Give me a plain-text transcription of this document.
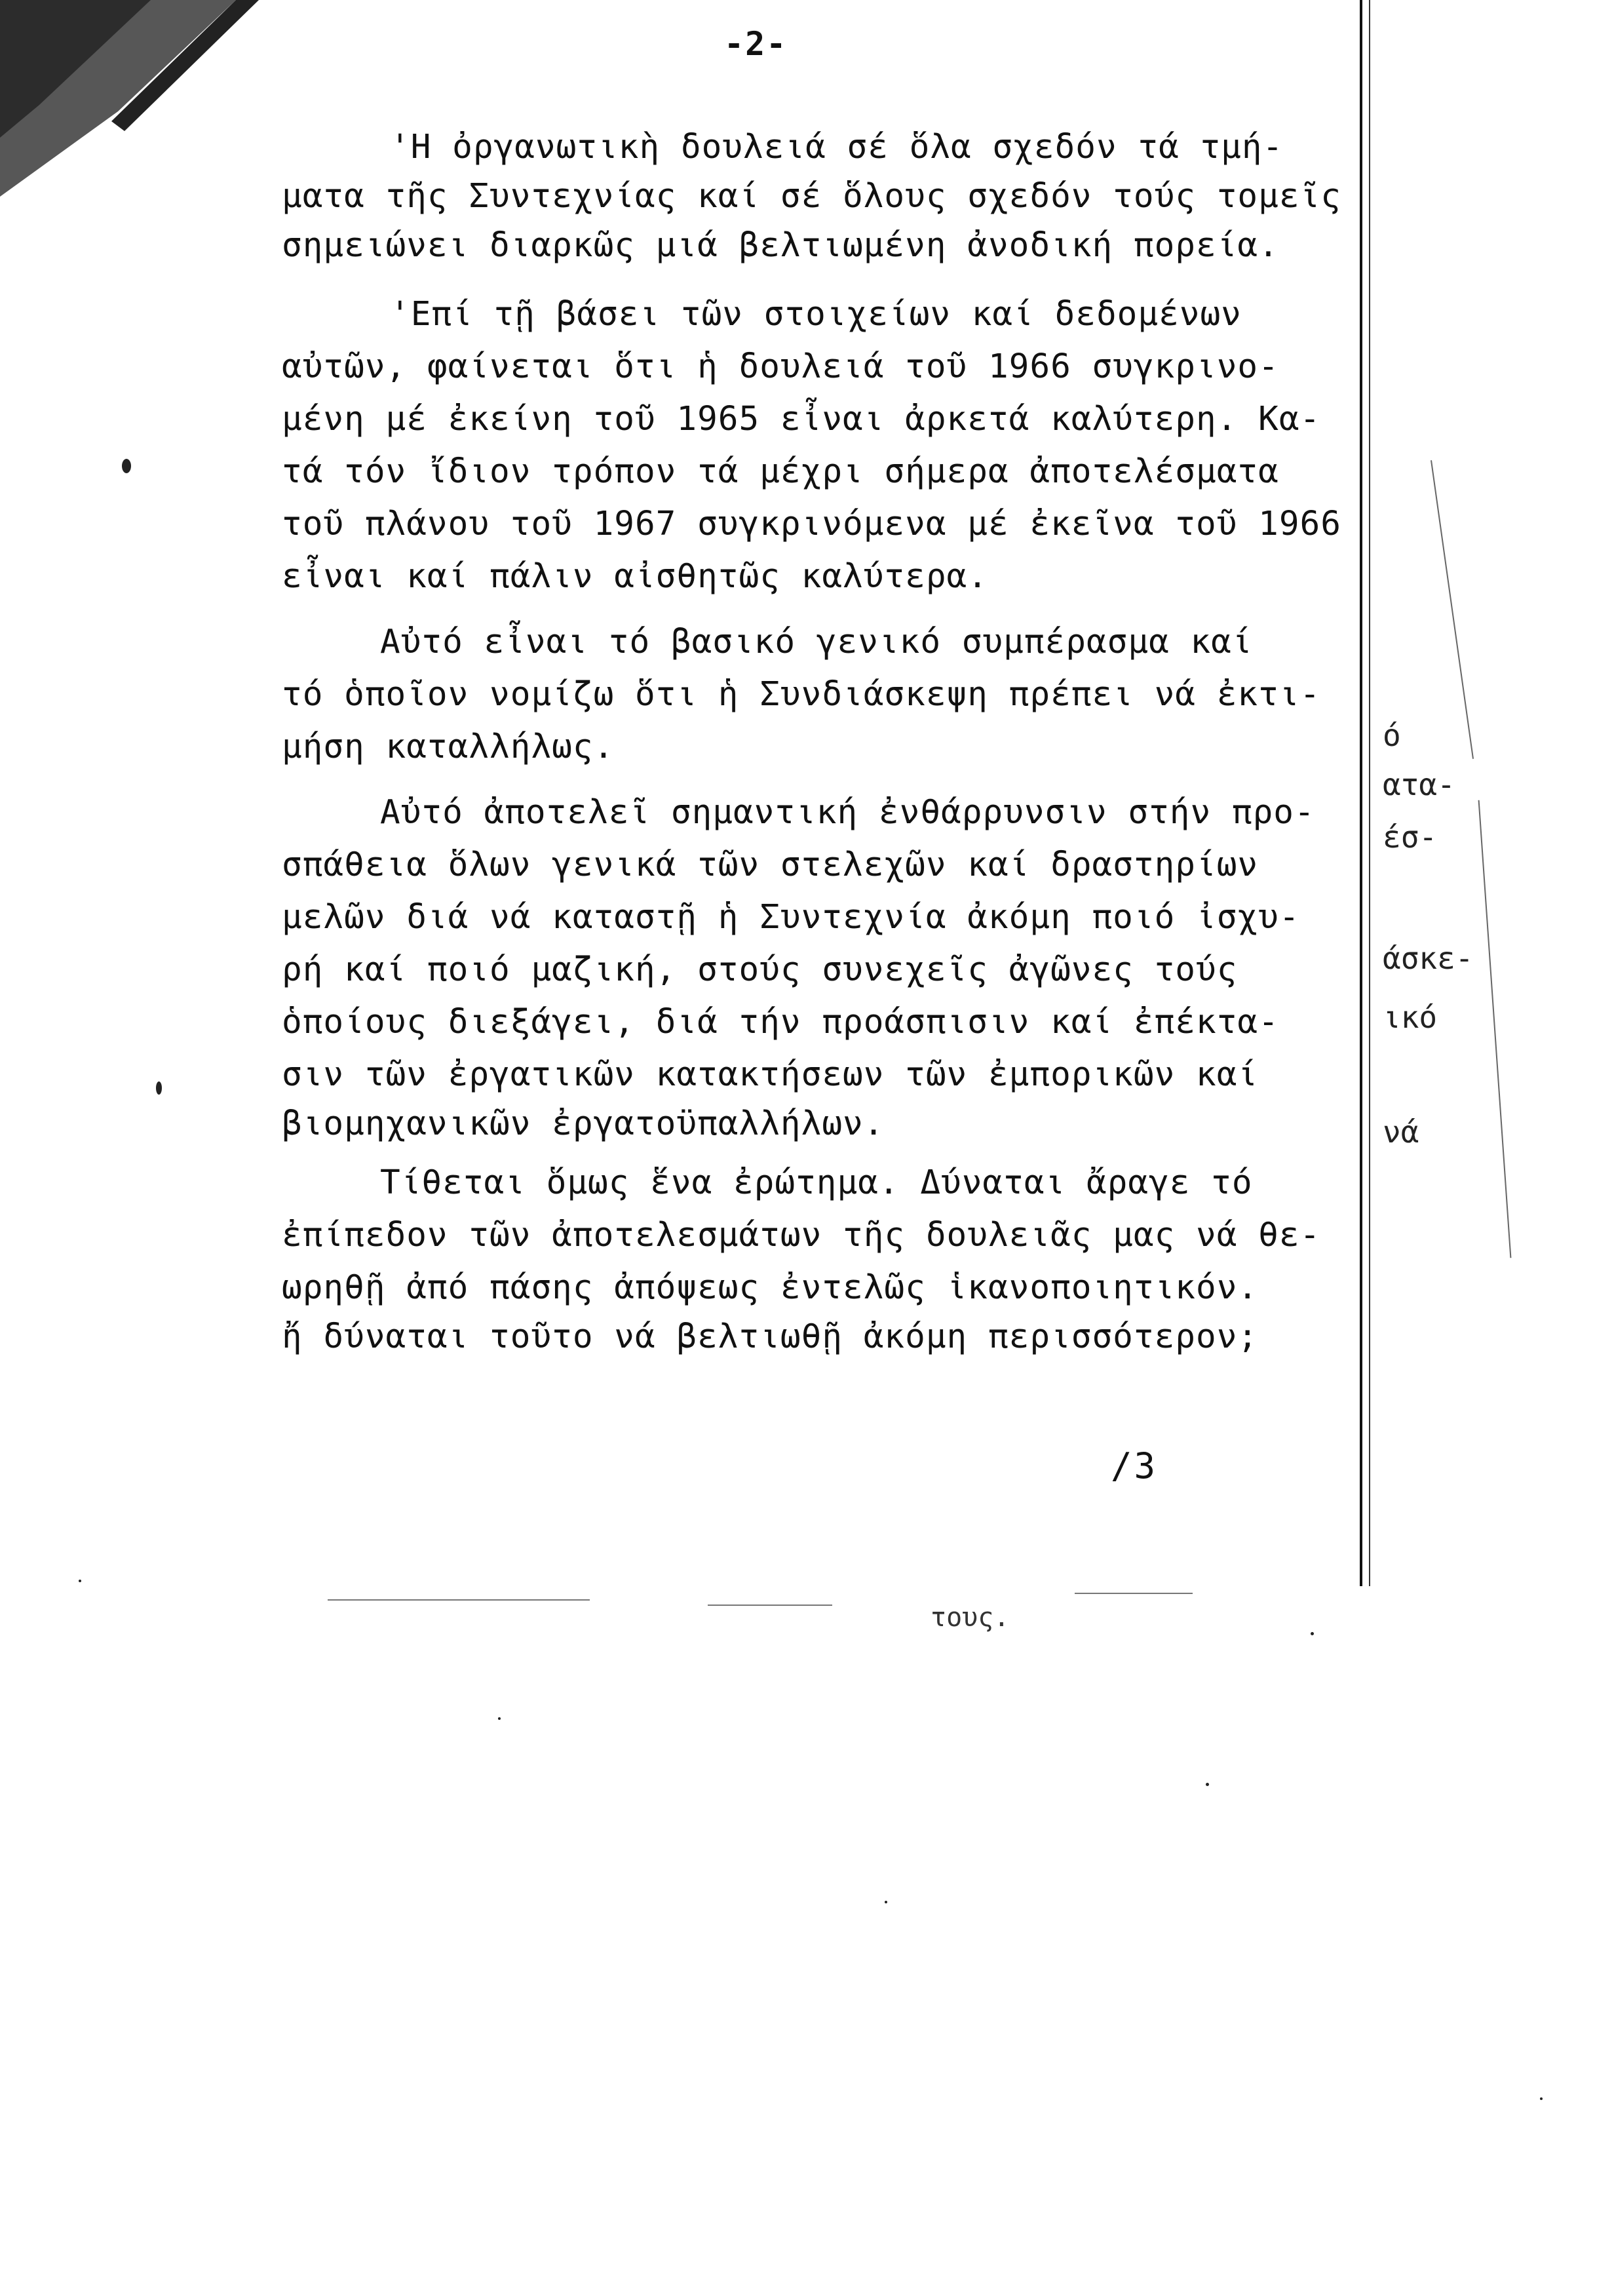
-2-
'Η ὀργανωτικὴ δουλειά σέ ὅλα σχεδόν τά τμή-
ματα τῆς Συντεχνίας καί σέ ὅλους σχεδόν τούς τομεῖς
σημειώνει διαρκῶς μιά βελτιωμένη ἀνοδική πορεία.
'Επί τῇ βάσει τῶν στοιχείων καί δεδομένων
αὐτῶν, φαίνεται ὅτι ἡ δουλειά τοῦ 1966 συγκρινο-
μένη μέ ἐκείνη τοῦ 1965 εἶναι ἀρκετά καλύτερη. Κα-
τά τόν ἴδιον τρόπον τά μέχρι σήμερα ἀποτελέσματα
τοῦ πλάνου τοῦ 1967 συγκρινόμενα μέ ἐκεῖνα τοῦ 1966
εἶναι καί πάλιν αἰσθητῶς καλύτερα.
Αὐτό εἶναι τό βασικό γενικό συμπέρασμα καί
τό ὁποῖον νομίζω ὅτι ἡ Συνδιάσκεψη πρέπει νά ἐκτι-
μήση καταλλήλως.
Αὐτό ἀποτελεῖ σημαντική ἐνθάρρυνσιν στήν προ-
σπάθεια ὅλων γενικά τῶν στελεχῶν καί δραστηρίων
μελῶν διά νά καταστῇ ἡ Συντεχνία ἀκόμη ποιό ἰσχυ-
ρή καί ποιό μαζική, στούς συνεχεῖς ἀγῶνες τούς
ὁποίους διεξάγει, διά τήν προάσπισιν καί ἐπέκτα-
σιν τῶν ἐργατικῶν κατακτήσεων τῶν ἐμπορικῶν καί
βιομηχανικῶν ἐργατοϋπαλλήλων.
Τίθεται ὅμως ἕνα ἐρώτημα. Δύναται ἄραγε τό
ἐπίπεδον τῶν ἀποτελεσμάτων τῆς δουλειᾶς μας νά θε-
ωρηθῇ ἀπό πάσης ἀπόψεως ἐντελῶς ἱκανοποιητικόν.
ἤ δύναται τοῦτο νά βελτιωθῇ ἀκόμη περισσότερον;
/3
τους.
ό
ατα-
έσ-
άσκε-
ικό
νά
